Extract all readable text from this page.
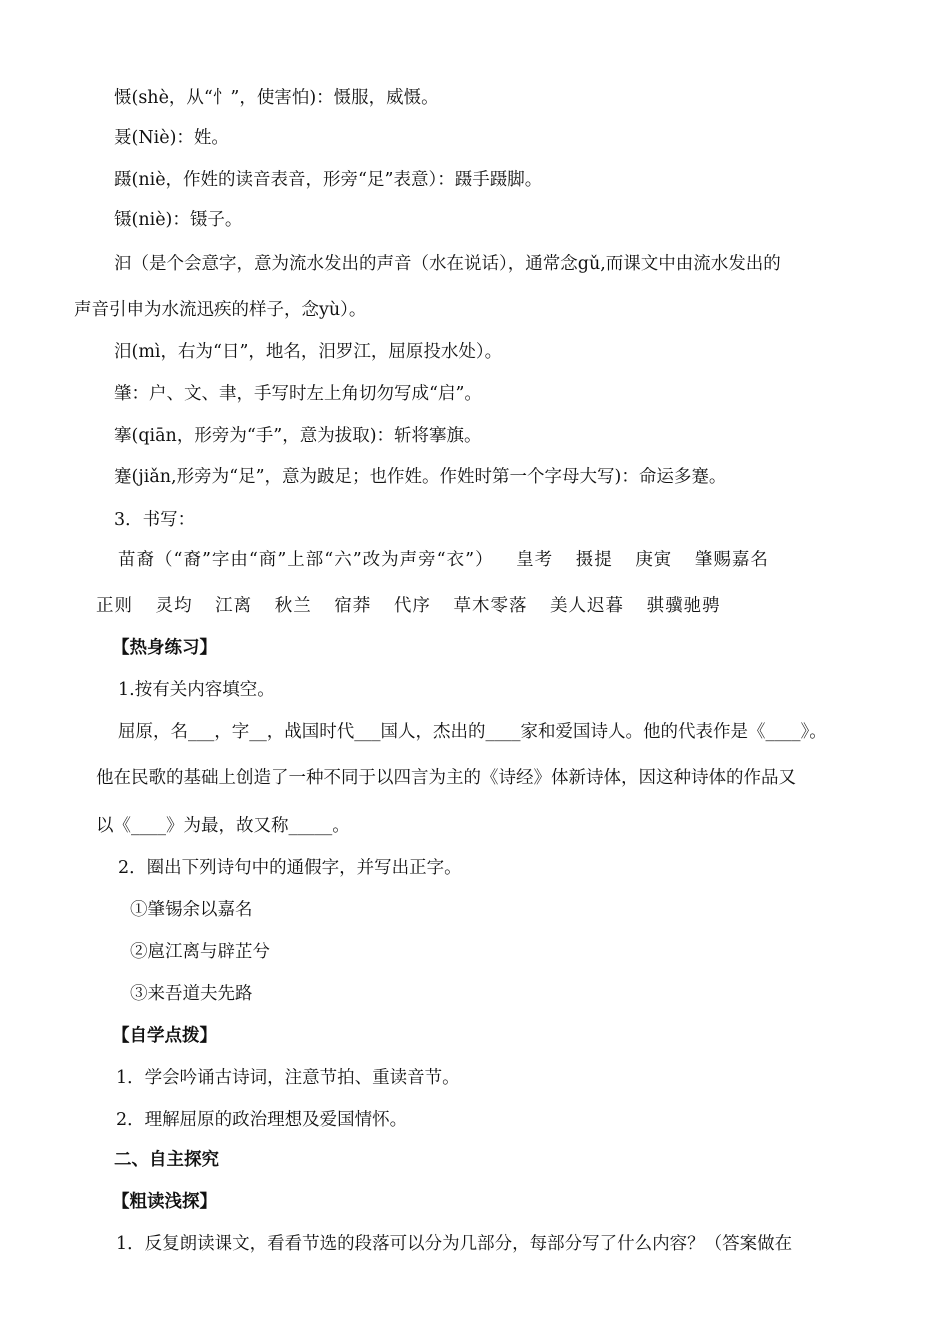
慑(shè，从“忄”，使害怕)：慑服，威慑。
聂(Niè)：姓。
蹑(niè，作姓的读音表音，形旁“足”表意）：蹑手蹑脚。
镊(niè)：镊子。
汩（是个会意字，意为流水发出的声音（水在说话），通常念gǔ,而课文中由流水发出的
声音引申为水流迅疾的样子，念yù）。
汨(mì，右为“日”，地名，汨罗江，屈原投水处）。
肇：户、文、聿，手写时左上角切勿写成“启”。
搴(qiān，形旁为“手”，意为拔取)：斩将搴旗。
蹇(jiǎn,形旁为“足”，意为跛足；也作姓。作姓时第一个字母大写)：命运多蹇。
3．书写：
苗裔（“裔”字由“商”上部“六”改为声旁“衣”） 皇考 摄提 庚寅 肇赐嘉名
正则 灵均 江离 秋兰 宿莽 代序 草木零落 美人迟暮 骐骥驰骋
【热身练习】
1.按有关内容填空。
屈原，名___，字__，战国时代___国人，杰出的____家和爱国诗人。他的代表作是《____》。
他在民歌的基础上创造了一种不同于以四言为主的《诗经》体新诗体，因这种诗体的作品又
以《____》为最，故又称_____。
2．圈出下列诗句中的通假字，并写出正字。
①肇锡余以嘉名
②扈江离与辟芷兮
③来吾道夫先路
【自学点拨】
1．学会吟诵古诗词，注意节拍、重读音节。
2．理解屈原的政治理想及爱国情怀。
二、自主探究
【粗读浅探】
1．反复朗读课文，看看节选的段落可以分为几部分，每部分写了什么内容？（答案做在
